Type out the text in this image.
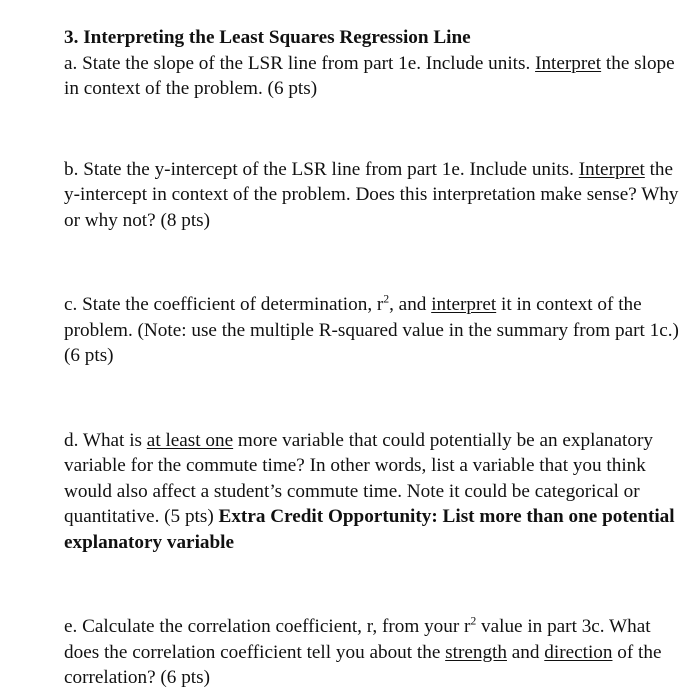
3. Interpreting the Least Squares Regression Line

a. State the slope of the LSR line from part 1e. Include units. Interpret the slope in context of the problem. (6 pts)

b. State the y-intercept of the LSR line from part 1e. Include units. Interpret the y-intercept in context of the problem. Does this interpretation make sense? Why or why not? (8 pts)

c. State the coefficient of determination, $r^2$, and interpret it in context of the problem. (Note: use the multiple R-squared value in the summary from part 1c.) (6 pts)

d. What is at least one more variable that could potentially be an explanatory variable for the commute time? In other words, list a variable that you think would also affect a student’s commute time. Note it could be categorical or quantitative. (5 pts) Extra Credit Opportunity: List more than one potential explanatory variable

e. Calculate the correlation coefficient, r, from your $r^2$ value in part 3c. What does the correlation coefficient tell you about the strength and direction of the correlation? (6 pts)
